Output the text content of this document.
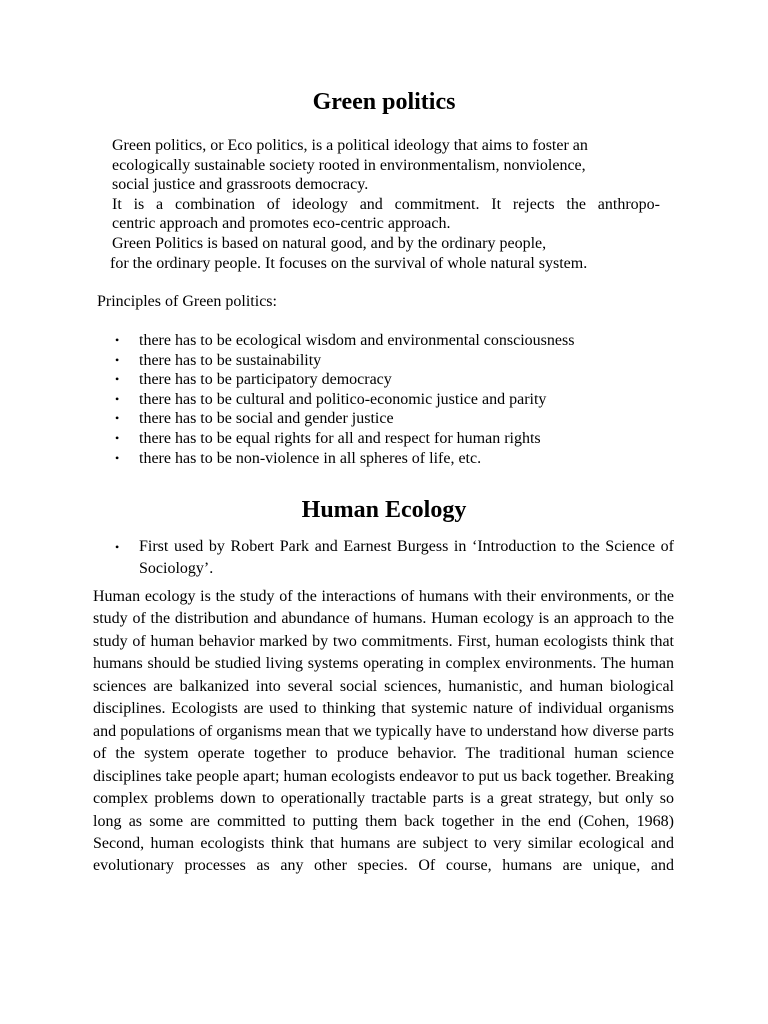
Green politics
Green politics, or Eco politics, is a political ideology that aims to foster an
ecologically sustainable society rooted in environmentalism, nonviolence,
social justice and grassroots democracy.
It is a combination of ideology and commitment. It rejects the anthropo-
centric approach and promotes eco-centric approach.
Green Politics is based on natural good, and by the ordinary people,
for the ordinary people. It focuses on the survival of whole natural system.
Principles of Green politics:
• there has to be ecological wisdom and environmental consciousness
• there has to be sustainability
• there has to be participatory democracy
• there has to be cultural and politico-economic justice and parity
• there has to be social and gender justice
• there has to be equal rights for all and respect for human rights
• there has to be non-violence in all spheres of life, etc.
Human Ecology
•	First used by Robert Park and Earnest Burgess in ‘Introduction to the Science of Sociology’.
Human ecology is the study of the interactions of humans with their environments, or the study of the distribution and abundance of humans. Human ecology is an approach to the study of human behavior marked by two commitments. First, human ecologists think that humans should be studied living systems operating in complex environments. The human sciences are balkanized into several social sciences, humanistic, and human biological disciplines. Ecologists are used to thinking that systemic nature of individual organisms and populations of organisms mean that we typically have to understand how diverse parts of the system operate together to produce behavior. The traditional human science disciplines take people apart; human ecologists endeavor to put us back together. Breaking complex problems down to operationally tractable parts is a great strategy, but only so long as some are committed to putting them back together in the end (Cohen, 1968) Second, human ecologists think that humans are subject to very similar ecological and evolutionary processes as any other species. Of course, humans are unique, and
